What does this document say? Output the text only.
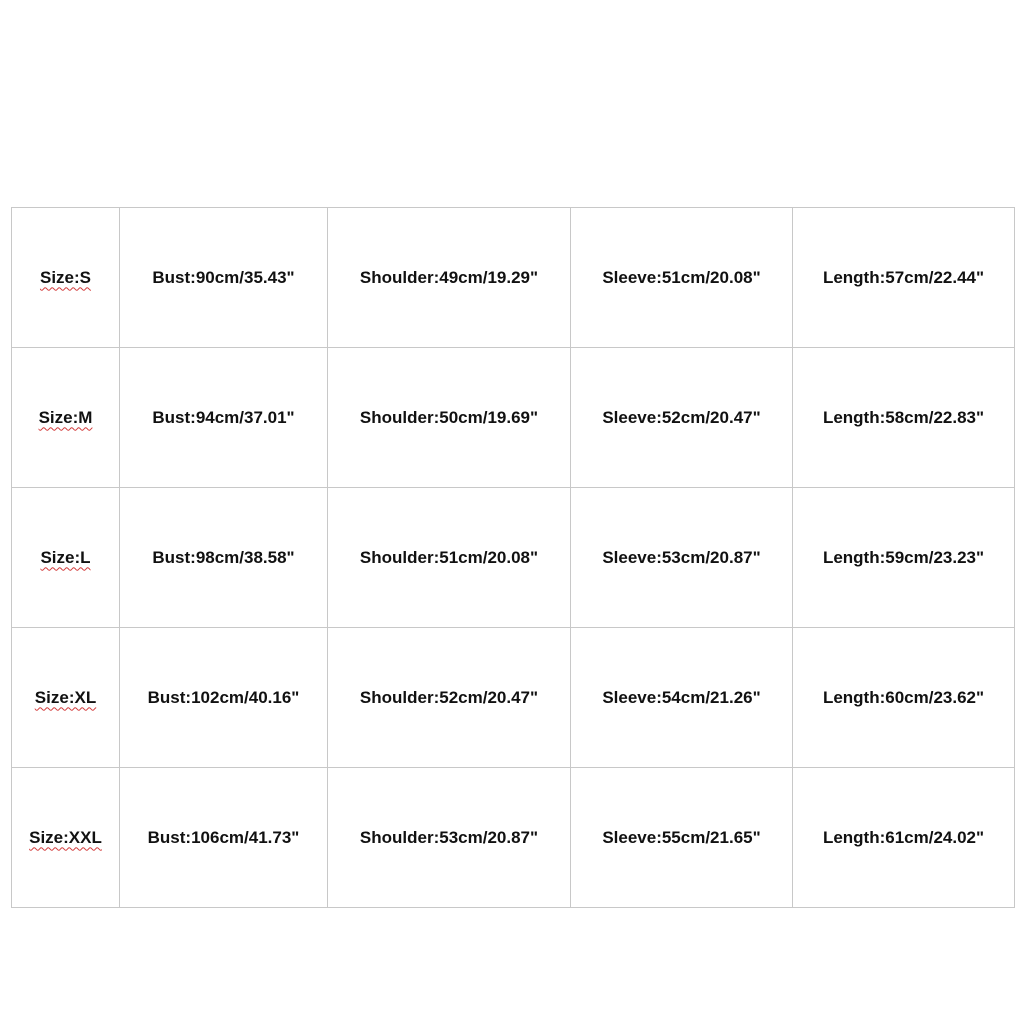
Size:S	Bust:90cm/35.43"	Shoulder:49cm/19.29"	Sleeve:51cm/20.08"	Length:57cm/22.44"
Size:M	Bust:94cm/37.01"	Shoulder:50cm/19.69"	Sleeve:52cm/20.47"	Length:58cm/22.83"
Size:L	Bust:98cm/38.58"	Shoulder:51cm/20.08"	Sleeve:53cm/20.87"	Length:59cm/23.23"
Size:XL	Bust:102cm/40.16"	Shoulder:52cm/20.47"	Sleeve:54cm/21.26"	Length:60cm/23.62"
Size:XXL	Bust:106cm/41.73"	Shoulder:53cm/20.87"	Sleeve:55cm/21.65"	Length:61cm/24.02"
